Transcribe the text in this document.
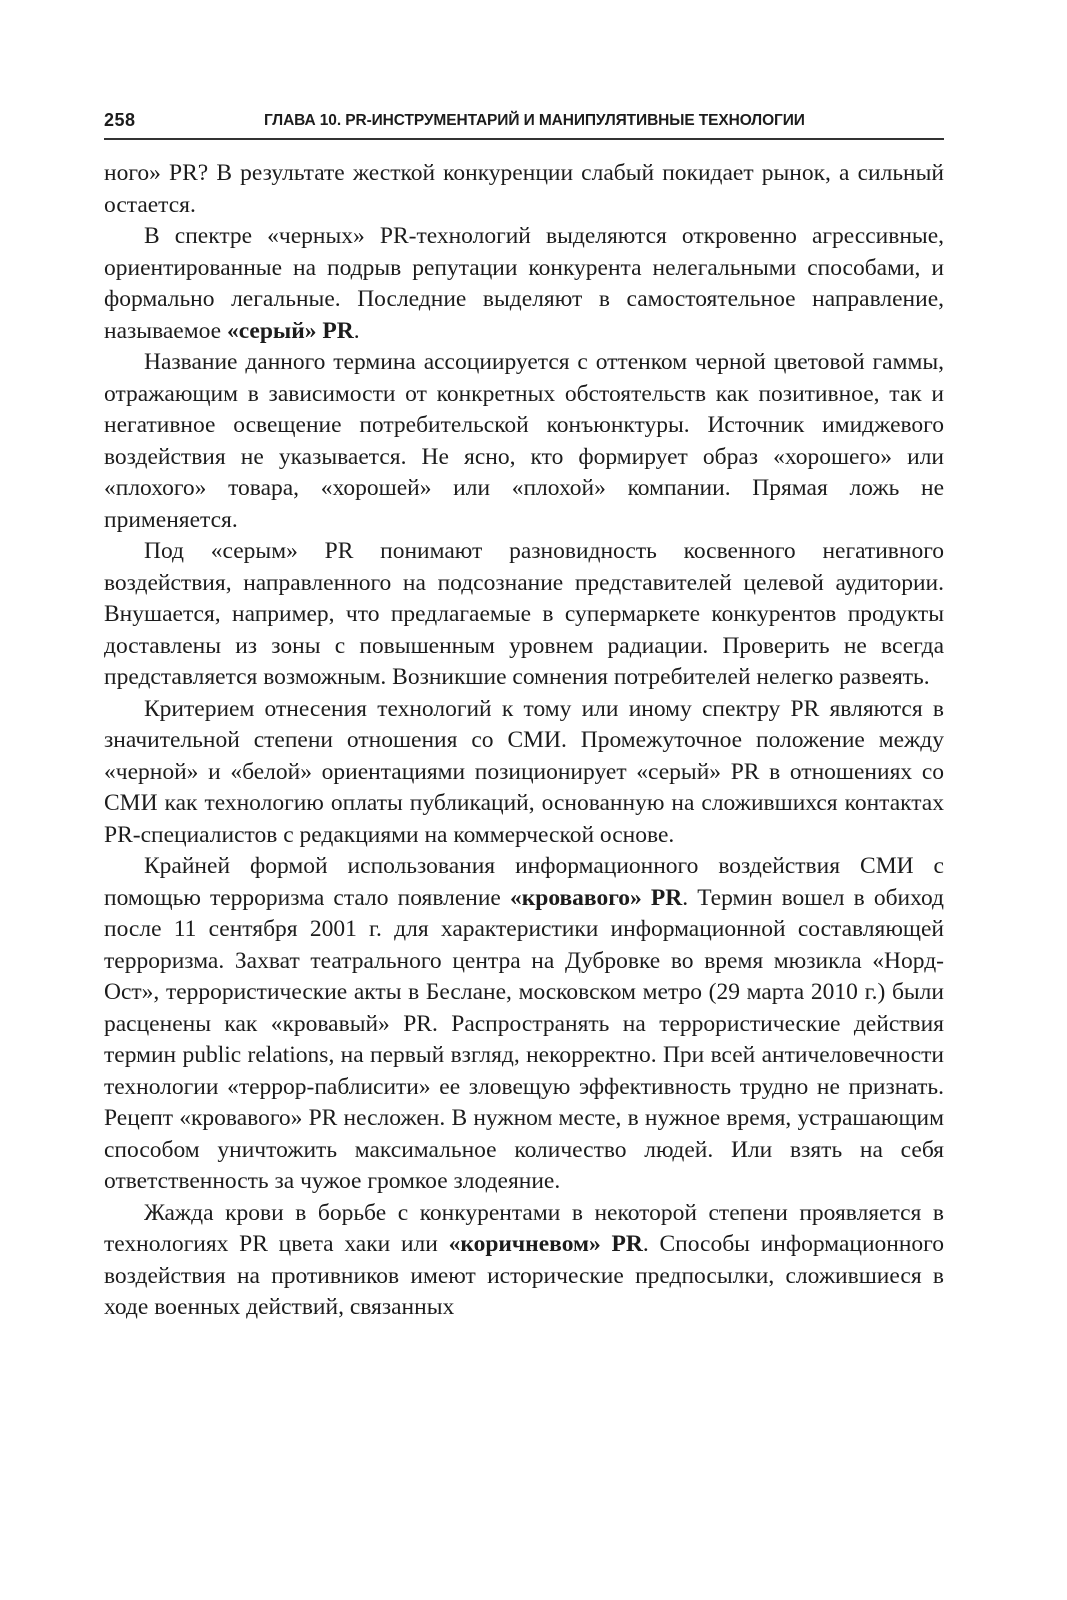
258	ГЛАВА 10. PR-ИНСТРУМЕНТАРИЙ И МАНИПУЛЯТИВНЫЕ ТЕХНОЛОГИИ

ного» PR? В результате жесткой конкуренции слабый покидает рынок, а сильный остается.

В спектре «черных» PR-технологий выделяются откровенно агрессивные, ориентированные на подрыв репутации конкурента нелегальными способами, и формально легальные. Последние выделяют в самостоятельное направление, называемое «серый» PR.

Название данного термина ассоциируется с оттенком черной цветовой гаммы, отражающим в зависимости от конкретных обстоятельств как позитивное, так и негативное освещение потребительской конъюнктуры. Источник имиджевого воздействия не указывается. Не ясно, кто формирует образ «хорошего» или «плохого» товара, «хорошей» или «плохой» компании. Прямая ложь не применяется.

Под «серым» PR понимают разновидность косвенного негативного воздействия, направленного на подсознание представителей целевой аудитории. Внушается, например, что предлагаемые в супермаркете конкурентов продукты доставлены из зоны с повышенным уровнем радиации. Проверить не всегда представляется возможным. Возникшие сомнения потребителей нелегко развеять.

Критерием отнесения технологий к тому или иному спектру PR являются в значительной степени отношения со СМИ. Промежуточное положение между «черной» и «белой» ориентациями позиционирует «серый» PR в отношениях со СМИ как технологию оплаты публикаций, основанную на сложившихся контактах PR-специалистов с редакциями на коммерческой основе.

Крайней формой использования информационного воздействия СМИ с помощью терроризма стало появление «кровавого» PR. Термин вошел в обиход после 11 сентября 2001 г. для характеристики информационной составляющей терроризма. Захват театрального центра на Дубровке во время мюзикла «Норд-Ост», террористические акты в Беслане, московском метро (29 марта 2010 г.) были расценены как «кровавый» PR. Распространять на террористические действия термин public relations, на первый взгляд, некорректно. При всей античеловечности технологии «террор-паблисити» ее зловещую эффективность трудно не признать. Рецепт «кровавого» PR несложен. В нужном месте, в нужное время, устрашающим способом уничтожить максимальное количество людей. Или взять на себя ответственность за чужое громкое злодеяние.

Жажда крови в борьбе с конкурентами в некоторой степени проявляется в технологиях PR цвета хаки или «коричневом» PR. Способы информационного воздействия на противников имеют исторические предпосылки, сложившиеся в ходе военных действий, связанных
